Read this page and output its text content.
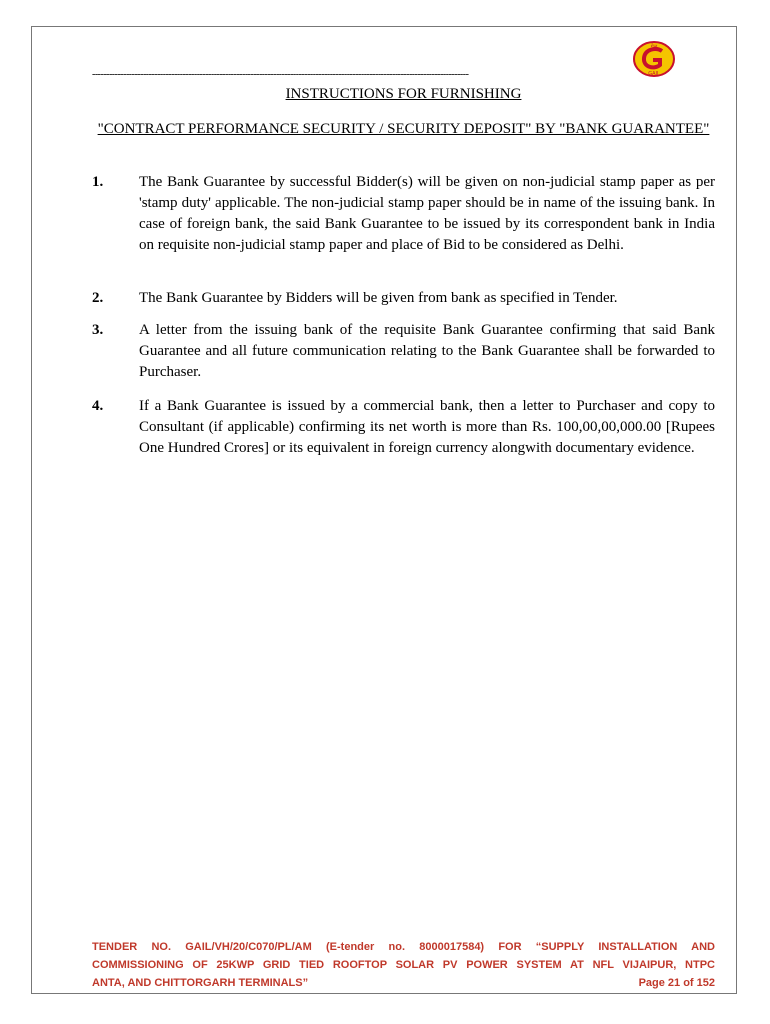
गेल
GAIL
-------------------------------------------------------------------------------------------------------------------------------------
INSTRUCTIONS FOR FURNISHING
"CONTRACT PERFORMANCE SECURITY / SECURITY DEPOSIT" BY "BANK GUARANTEE"
1.	The Bank Guarantee by successful Bidder(s) will be given on non-judicial stamp paper as per 'stamp duty' applicable. The non-judicial stamp paper should be in name of the issuing bank. In case of foreign bank, the said Bank Guarantee to be issued by its correspondent bank in India on requisite non-judicial stamp paper and place of Bid to be considered as Delhi.
2.	The Bank Guarantee by Bidders will be given from bank as specified in Tender.
3.	A letter from the issuing bank of the requisite Bank Guarantee confirming that said Bank Guarantee and all future communication relating to the Bank Guarantee shall be forwarded to Purchaser.
4.	If a Bank Guarantee is issued by a commercial bank, then a letter to Purchaser and copy to Consultant (if applicable) confirming its net worth is more than Rs. 100,00,00,000.00 [Rupees One Hundred Crores] or its equivalent in foreign currency alongwith documentary evidence.
TENDER NO. GAIL/VH/20/C070/PL/AM (E-tender no. 8000017584) FOR “SUPPLY INSTALLATION AND
COMMISSIONING OF 25KWP GRID TIED ROOFTOP SOLAR PV POWER SYSTEM AT NFL VIJAIPUR, NTPC
ANTA, AND CHITTORGARH TERMINALS”	Page 21 of 152
